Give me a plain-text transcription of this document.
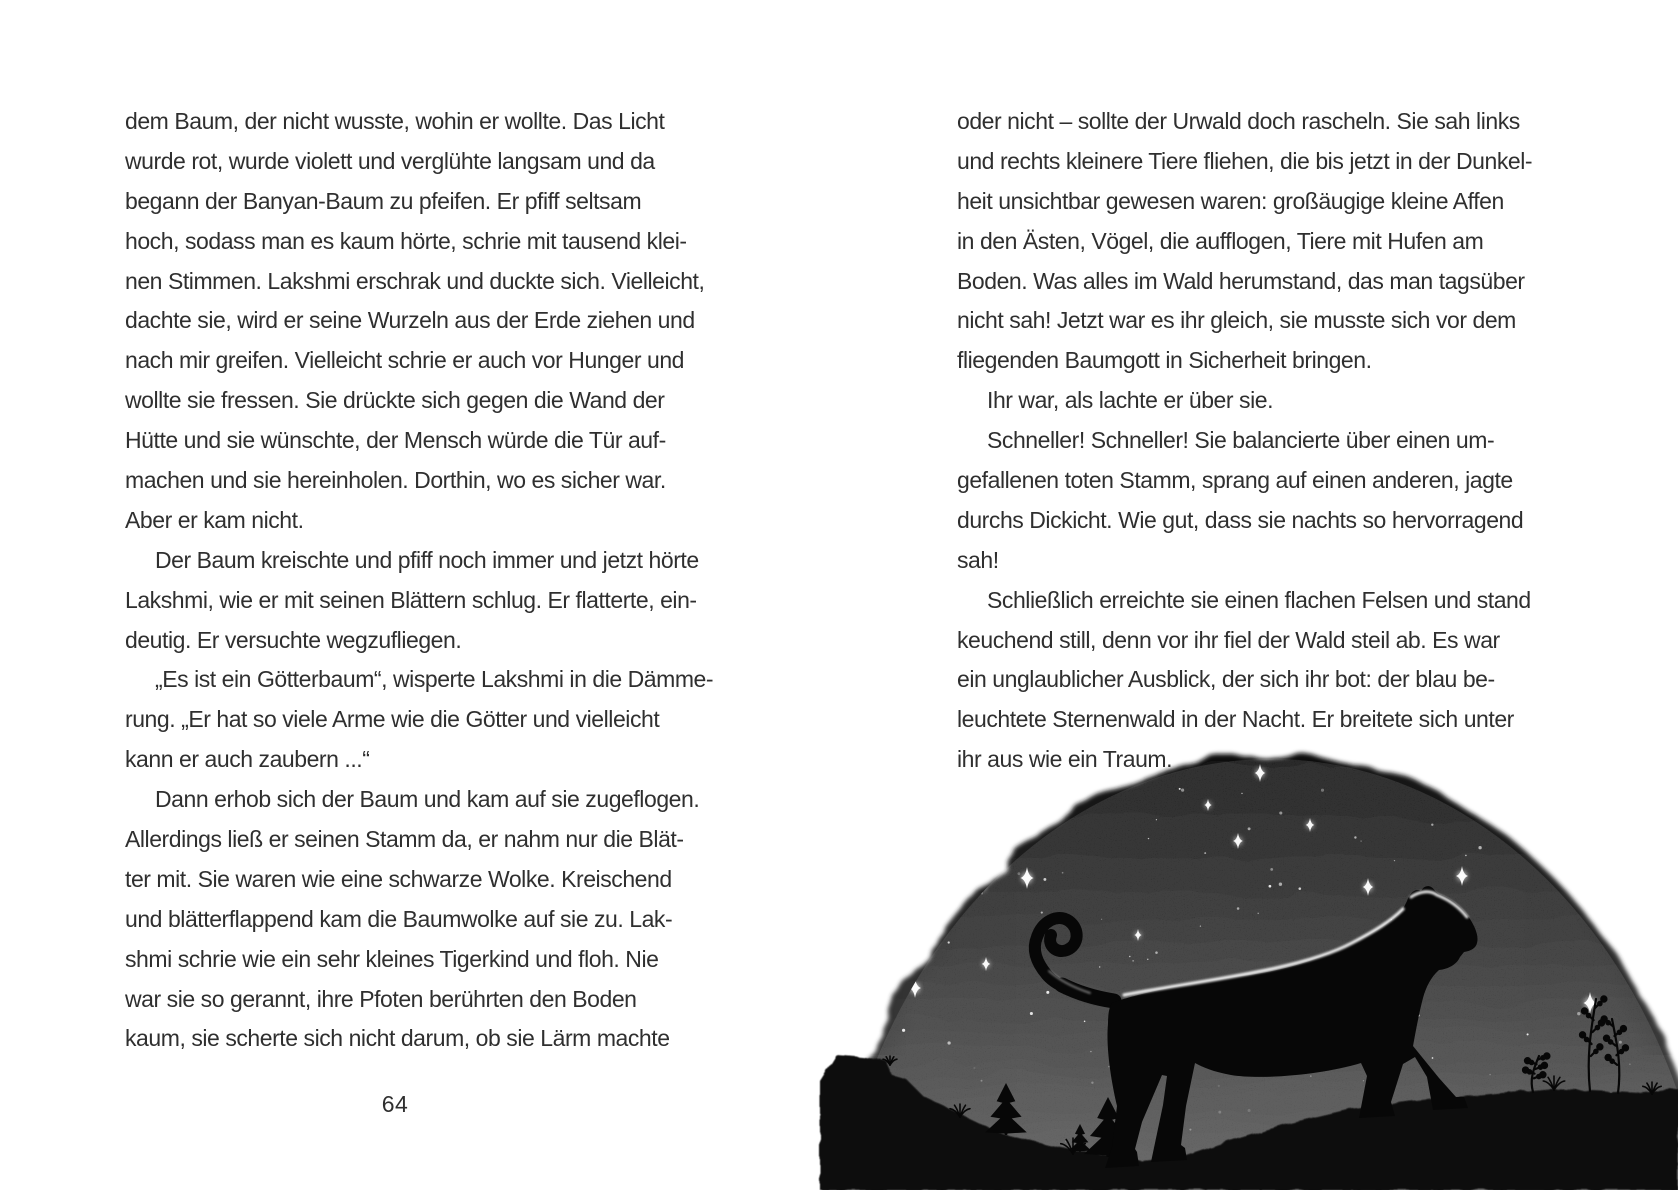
dem Baum, der nicht wusste, wohin er wollte. Das Licht
wurde rot, wurde violett und verglühte langsam und da
begann der Banyan-Baum zu pfeifen. Er pfiff seltsam
hoch, sodass man es kaum hörte, schrie mit tausend klei-
nen Stimmen. Lakshmi erschrak und duckte sich. Vielleicht,
dachte sie, wird er seine Wurzeln aus der Erde ziehen und
nach mir greifen. Vielleicht schrie er auch vor Hunger und
wollte sie fressen. Sie drückte sich gegen die Wand der
Hütte und sie wünschte, der Mensch würde die Tür auf-
machen und sie hereinholen. Dorthin, wo es sicher war.
Aber er kam nicht.
Der Baum kreischte und pfiff noch immer und jetzt hörte
Lakshmi, wie er mit seinen Blättern schlug. Er flatterte, ein-
deutig. Er versuchte wegzufliegen.
„Es ist ein Götterbaum“, wisperte Lakshmi in die Dämme-
rung. „Er hat so viele Arme wie die Götter und vielleicht
kann er auch zaubern ...“
Dann erhob sich der Baum und kam auf sie zugeflogen.
Allerdings ließ er seinen Stamm da, er nahm nur die Blät-
ter mit. Sie waren wie eine schwarze Wolke. Kreischend
und blätterflappend kam die Baumwolke auf sie zu. Lak-
shmi schrie wie ein sehr kleines Tigerkind und floh. Nie
war sie so gerannt, ihre Pfoten berührten den Boden
kaum, sie scherte sich nicht darum, ob sie Lärm machte
64
oder nicht – sollte der Urwald doch rascheln. Sie sah links
und rechts kleinere Tiere fliehen, die bis jetzt in der Dunkel-
heit unsichtbar gewesen waren: großäugige kleine Affen
in den Ästen, Vögel, die aufflogen, Tiere mit Hufen am
Boden. Was alles im Wald herumstand, das man tagsüber
nicht sah! Jetzt war es ihr gleich, sie musste sich vor dem
fliegenden Baumgott in Sicherheit bringen.
Ihr war, als lachte er über sie.
Schneller! Schneller! Sie balancierte über einen um-
gefallenen toten Stamm, sprang auf einen anderen, jagte
durchs Dickicht. Wie gut, dass sie nachts so hervorragend
sah!
Schließlich erreichte sie einen flachen Felsen und stand
keuchend still, denn vor ihr fiel der Wald steil ab. Es war
ein unglaublicher Ausblick, der sich ihr bot: der blau be-
leuchtete Sternenwald in der Nacht. Er breitete sich unter
ihr aus wie ein Traum.
